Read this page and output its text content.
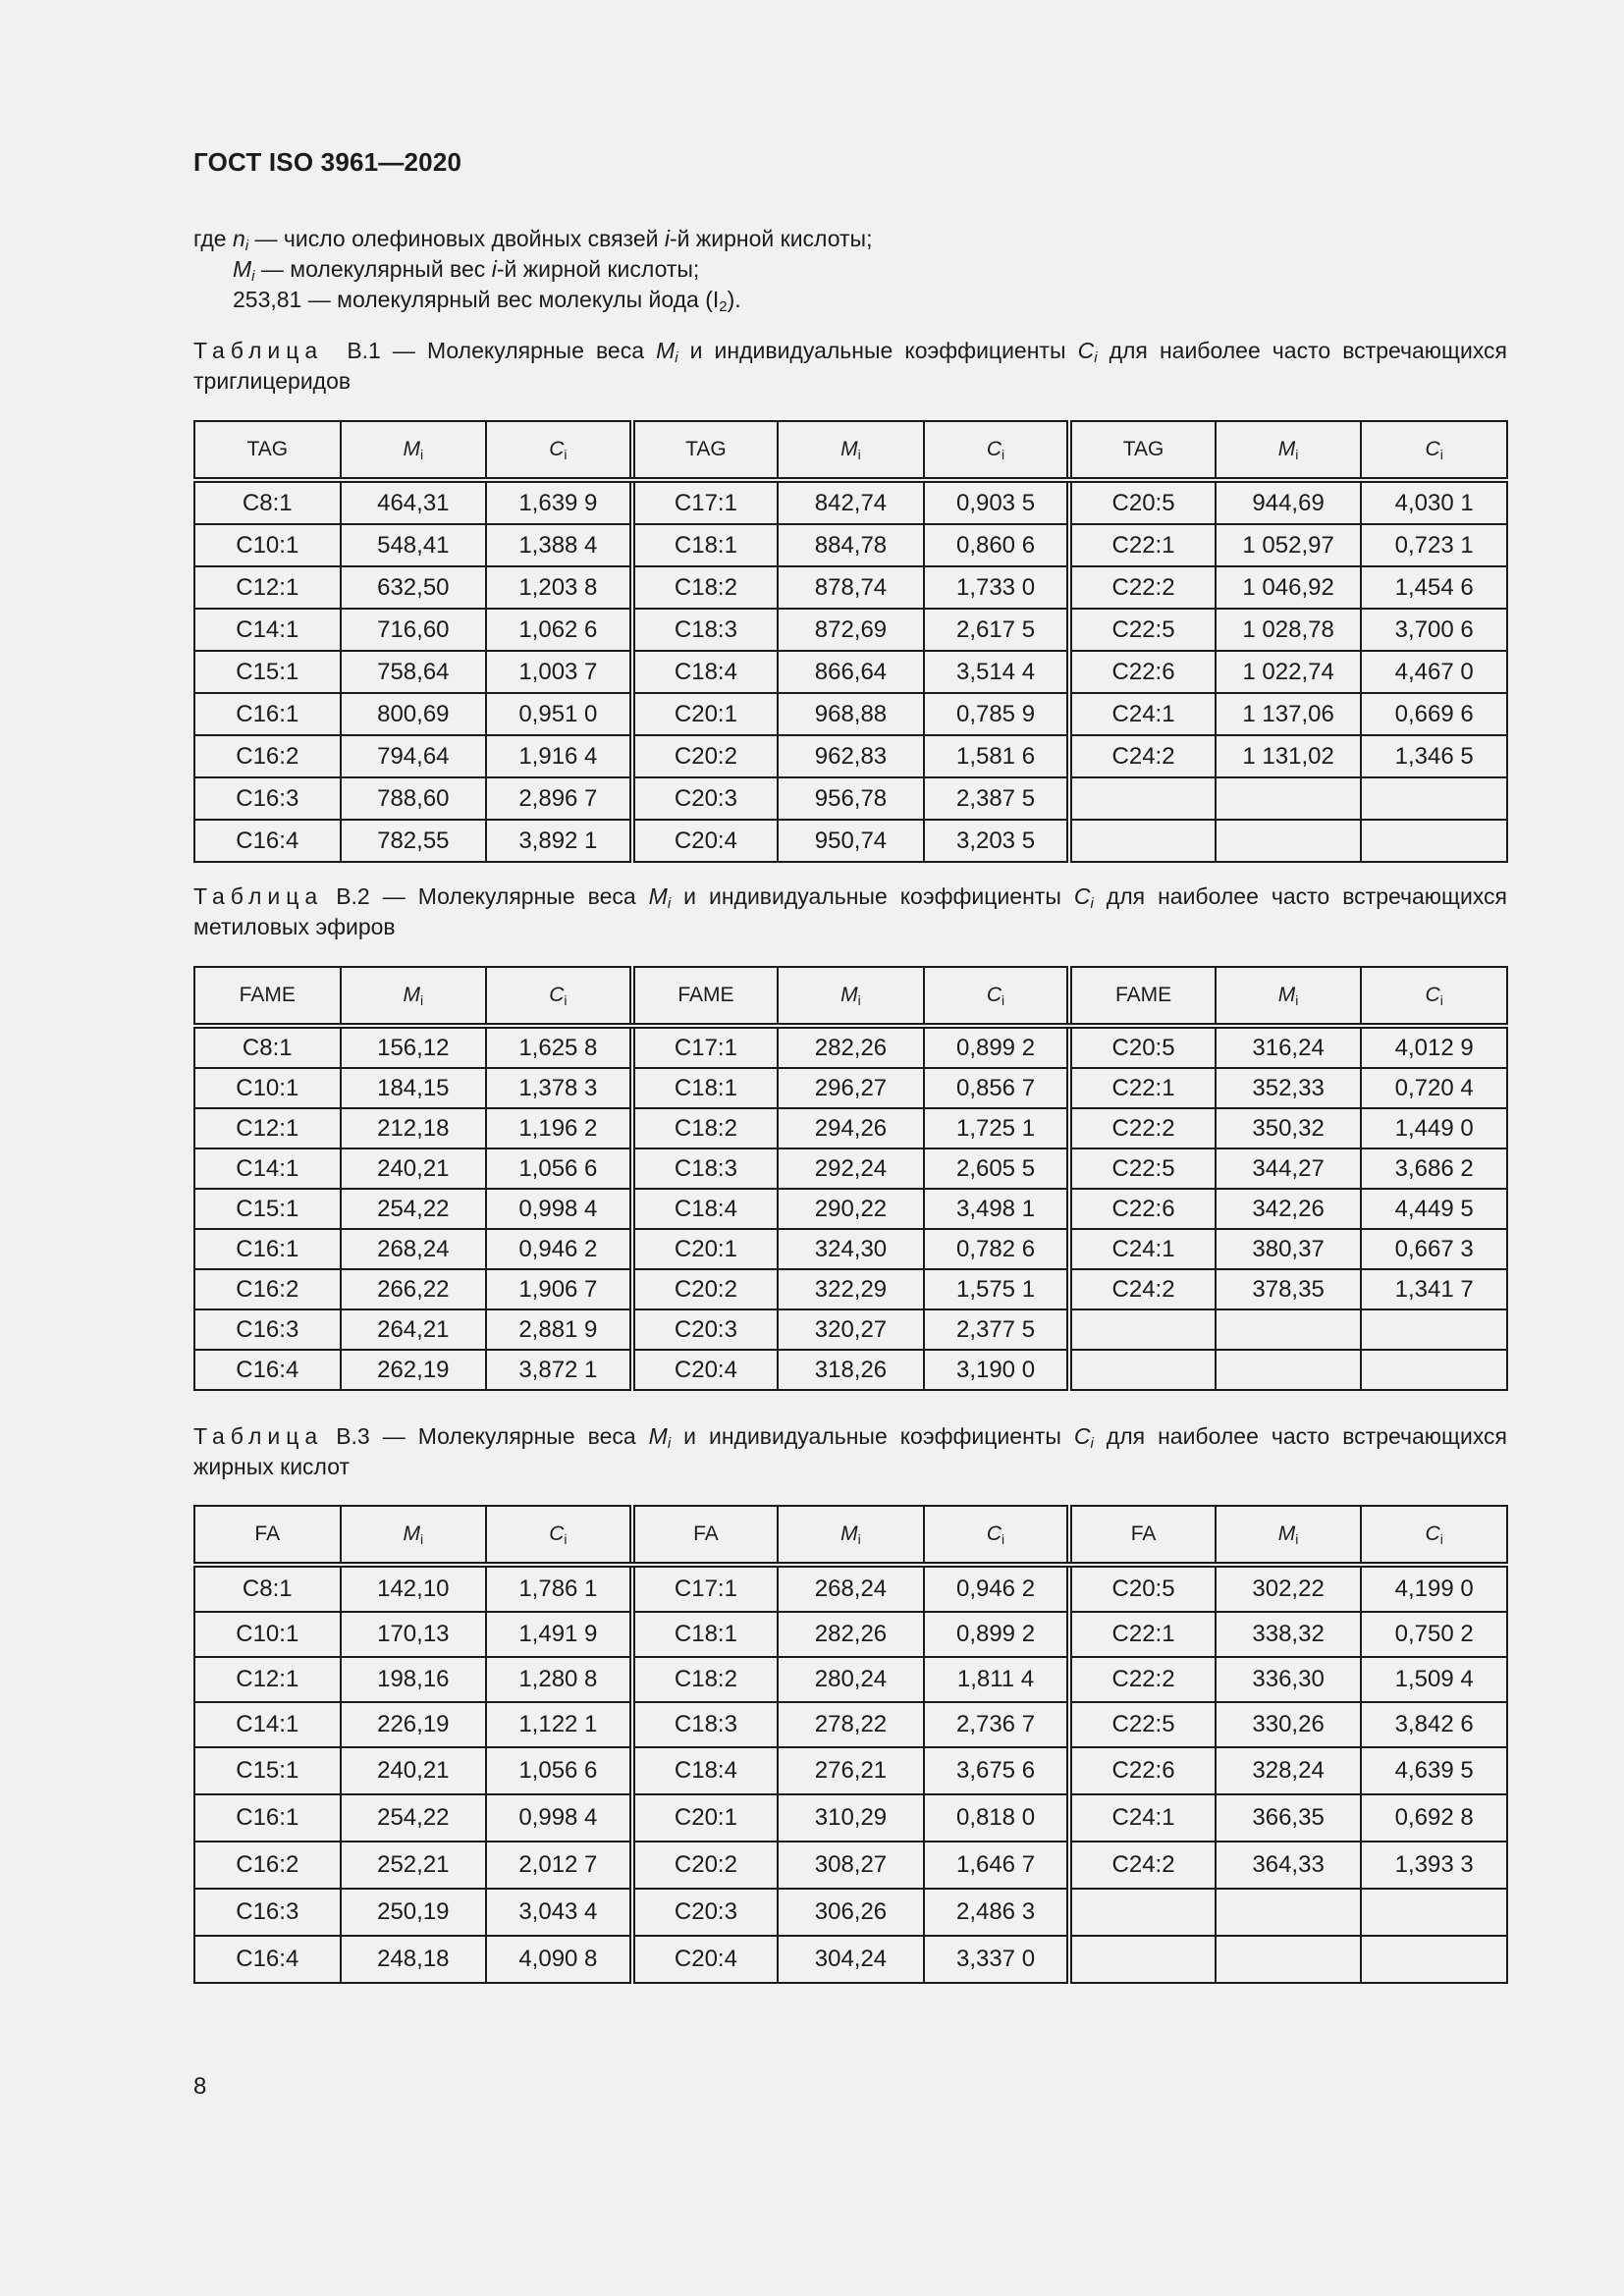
ГОСТ ISO 3961—2020
где $n_i$ — число олефиновых двойных связей i-й жирной кислоты;
$M_i$ — молекулярный вес i-й жирной кислоты;
253,81 — молекулярный вес молекулы йода $(I_2)$.
Таблица В.1 — Молекулярные веса $M_i$ и индивидуальные коэффициенты $C_i$ для наиболее часто встречающихся триглицеридов
Таблица В.2 — Молекулярные веса $M_i$ и индивидуальные коэффициенты $C_i$ для наиболее часто встречающихся метиловых эфиров
Таблица В.3 — Молекулярные веса $M_i$ и индивидуальные коэффициенты $C_i$ для наиболее часто встречающихся жирных кислот
TAG	$M_i$	$C_i$	TAG	$M_i$	$C_i$	TAG	$M_i$	$C_i$
C8:1	464,31	1,639 9	C17:1	842,74	0,903 5	C20:5	944,69	4,030 1
C10:1	548,41	1,388 4	C18:1	884,78	0,860 6	C22:1	1 052,97	0,723 1
C12:1	632,50	1,203 8	C18:2	878,74	1,733 0	C22:2	1 046,92	1,454 6
C14:1	716,60	1,062 6	C18:3	872,69	2,617 5	C22:5	1 028,78	3,700 6
C15:1	758,64	1,003 7	C18:4	866,64	3,514 4	C22:6	1 022,74	4,467 0
C16:1	800,69	0,951 0	C20:1	968,88	0,785 9	C24:1	1 137,06	0,669 6
C16:2	794,64	1,916 4	C20:2	962,83	1,581 6	C24:2	1 131,02	1,346 5
C16:3	788,60	2,896 7	C20:3	956,78	2,387 5			
C16:4	782,55	3,892 1	C20:4	950,74	3,203 5			
FAME	$M_i$	$C_i$	FAME	$M_i$	$C_i$	FAME	$M_i$	$C_i$
C8:1	156,12	1,625 8	C17:1	282,26	0,899 2	C20:5	316,24	4,012 9
C10:1	184,15	1,378 3	C18:1	296,27	0,856 7	C22:1	352,33	0,720 4
C12:1	212,18	1,196 2	C18:2	294,26	1,725 1	C22:2	350,32	1,449 0
C14:1	240,21	1,056 6	C18:3	292,24	2,605 5	C22:5	344,27	3,686 2
C15:1	254,22	0,998 4	C18:4	290,22	3,498 1	C22:6	342,26	4,449 5
C16:1	268,24	0,946 2	C20:1	324,30	0,782 6	C24:1	380,37	0,667 3
C16:2	266,22	1,906 7	C20:2	322,29	1,575 1	C24:2	378,35	1,341 7
C16:3	264,21	2,881 9	C20:3	320,27	2,377 5			
C16:4	262,19	3,872 1	C20:4	318,26	3,190 0			
FA	$M_i$	$C_i$	FA	$M_i$	$C_i$	FA	$M_i$	$C_i$
C8:1	142,10	1,786 1	C17:1	268,24	0,946 2	C20:5	302,22	4,199 0
C10:1	170,13	1,491 9	C18:1	282,26	0,899 2	C22:1	338,32	0,750 2
C12:1	198,16	1,280 8	C18:2	280,24	1,811 4	C22:2	336,30	1,509 4
C14:1	226,19	1,122 1	C18:3	278,22	2,736 7	C22:5	330,26	3,842 6
C15:1	240,21	1,056 6	C18:4	276,21	3,675 6	C22:6	328,24	4,639 5
C16:1	254,22	0,998 4	C20:1	310,29	0,818 0	C24:1	366,35	0,692 8
C16:2	252,21	2,012 7	C20:2	308,27	1,646 7	C24:2	364,33	1,393 3
C16:3	250,19	3,043 4	C20:3	306,26	2,486 3			
C16:4	248,18	4,090 8	C20:4	304,24	3,337 0			
8
